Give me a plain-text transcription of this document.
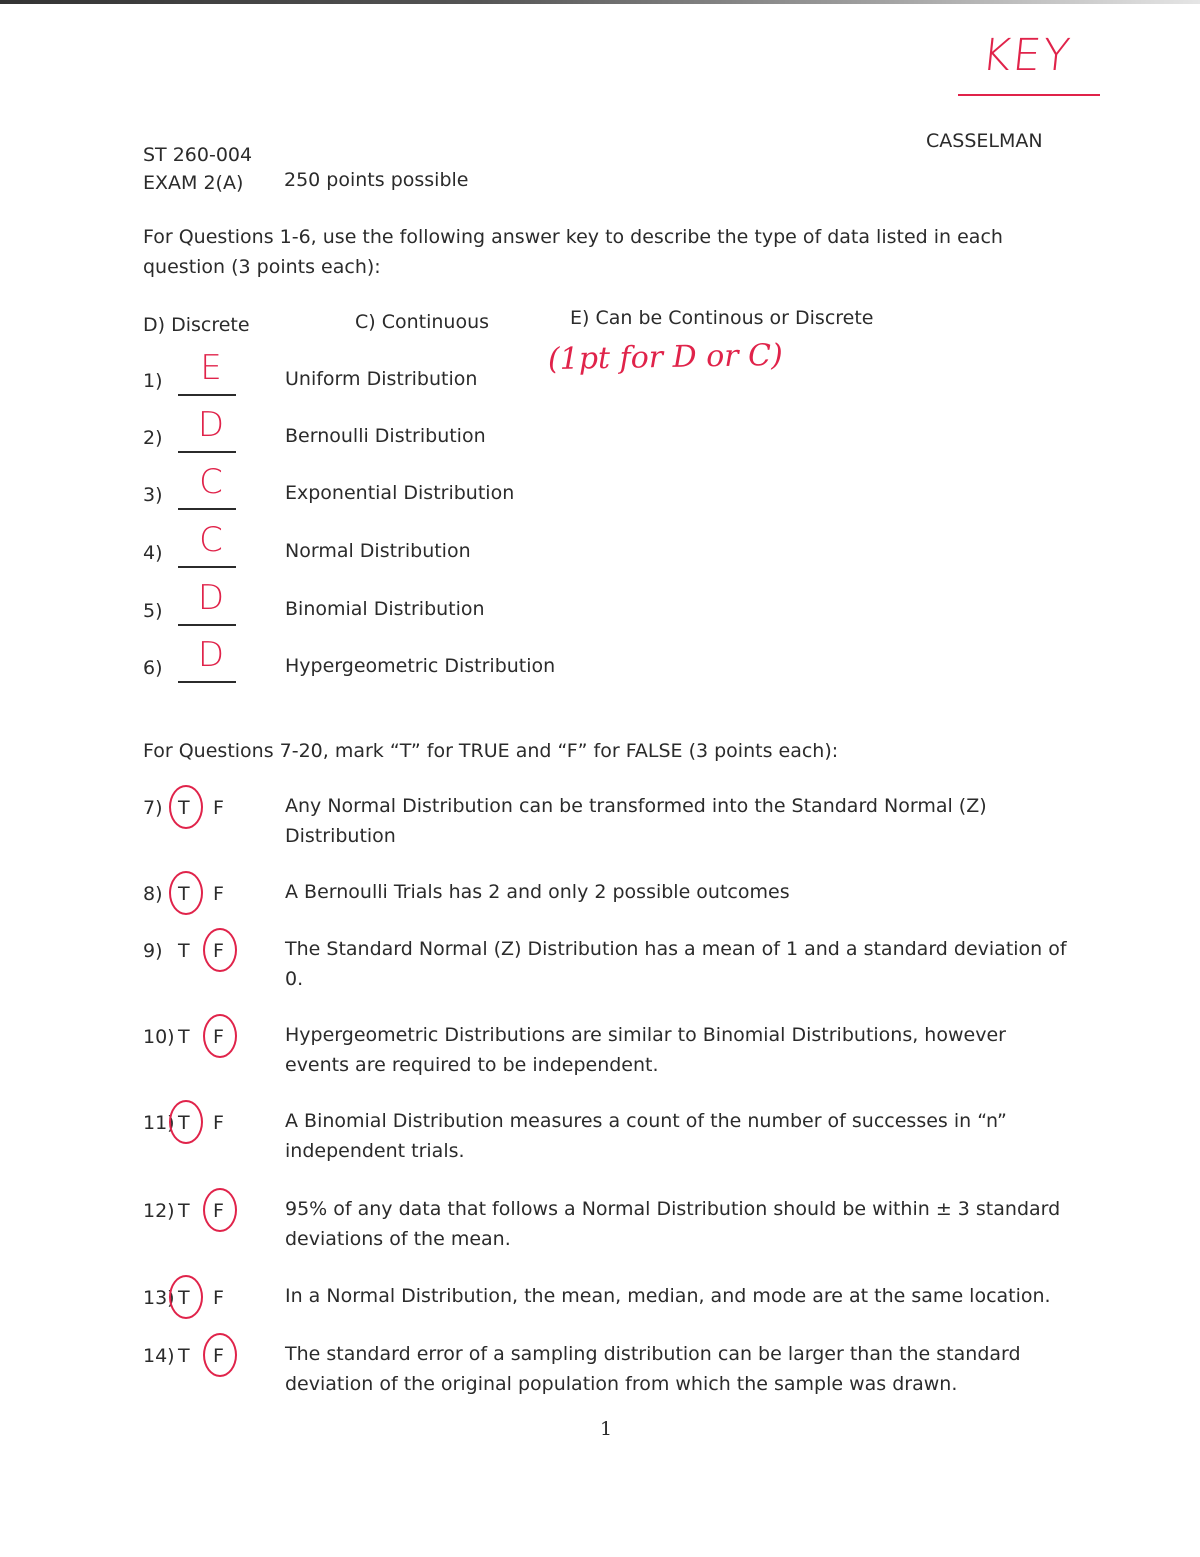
KEY
CASSELMAN
ST 260-004
EXAM 2(A) 250 points possible
For Questions 1-6, use the following answer key to describe the type of data listed in each question (3 points each):
D) Discrete	C) Continuous	E) Can be Continous or Discrete
(1pt for D or C)
1)	E	Uniform Distribution
2)	D	Bernoulli Distribution
3)	C	Exponential Distribution
4)	C	Normal Distribution
5)	D	Binomial Distribution
6)	D	Hypergeometric Distribution
For Questions 7-20, mark “T” for TRUE and “F” for FALSE (3 points each):
7) T F	Any Normal Distribution can be transformed into the Standard Normal (Z) Distribution
8) T F	A Bernoulli Trials has 2 and only 2 possible outcomes
9) T F	The Standard Normal (Z) Distribution has a mean of 1 and a standard deviation of 0.
10) T F	Hypergeometric Distributions are similar to Binomial Distributions, however events are required to be independent.
11) T F	A Binomial Distribution measures a count of the number of successes in “n” independent trials.
12) T F	95% of any data that follows a Normal Distribution should be within ± 3 standard deviations of the mean.
13) T F	In a Normal Distribution, the mean, median, and mode are at the same location.
14) T F	The standard error of a sampling distribution can be larger than the standard deviation of the original population from which the sample was drawn.
1
